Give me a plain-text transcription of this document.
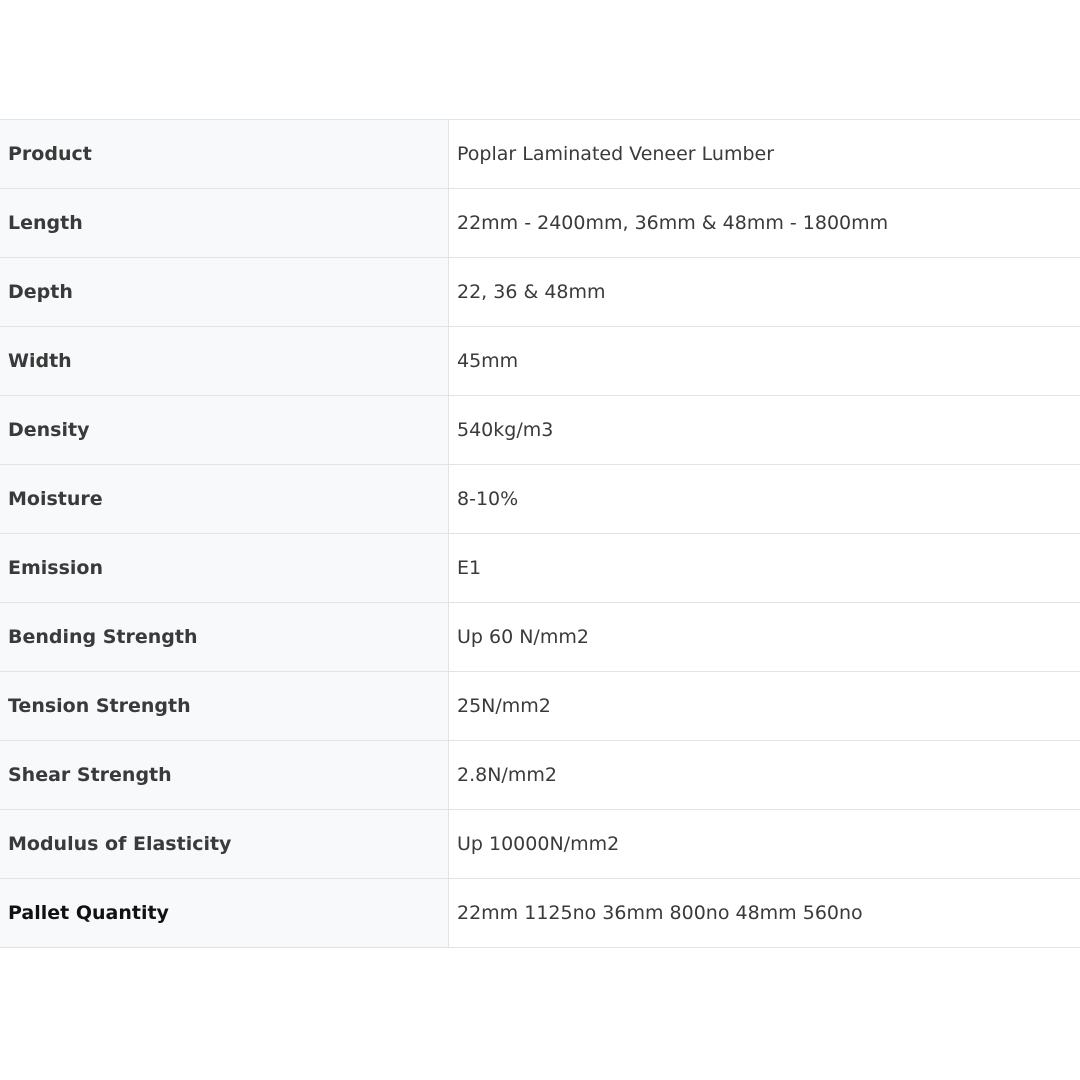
Product	Poplar Laminated Veneer Lumber
Length	22mm - 2400mm, 36mm & 48mm - 1800mm
Depth	22, 36 & 48mm
Width	45mm
Density	540kg/m3
Moisture	8-10%
Emission	E1
Bending Strength	Up 60 N/mm2
Tension Strength	25N/mm2
Shear Strength	2.8N/mm2
Modulus of Elasticity	Up 10000N/mm2
Pallet Quantity	22mm 1125no 36mm 800no 48mm 560no
